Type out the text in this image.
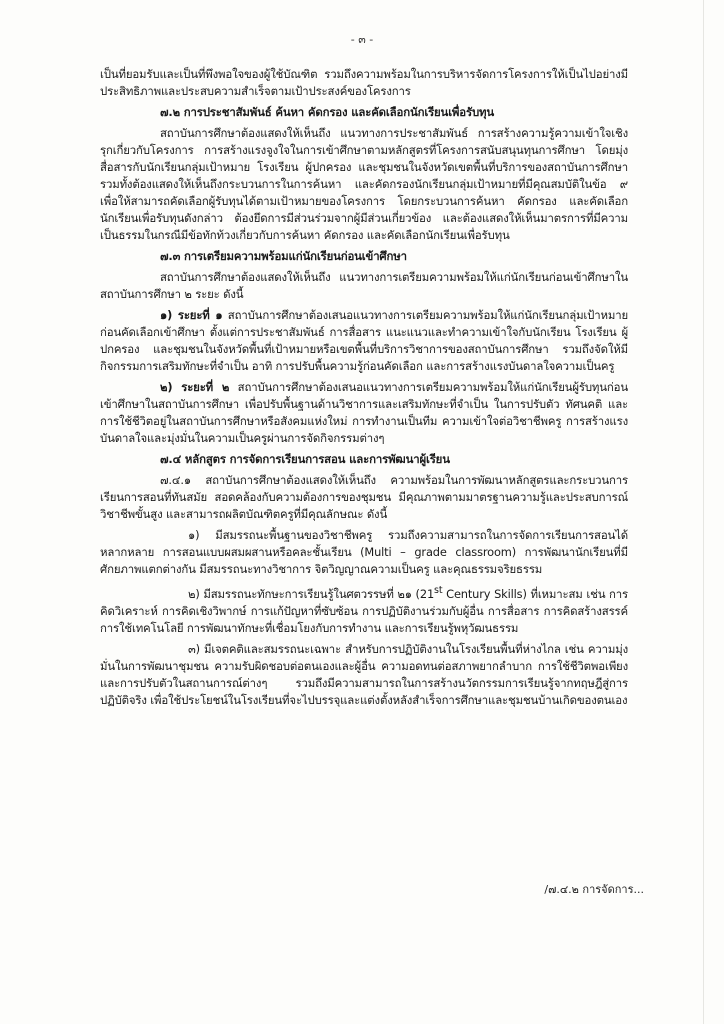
- ๓ -

เป็นที่ยอมรับและเป็นที่พึงพอใจของผู้ใช้บัณฑิต รวมถึงความพร้อมในการบริหารจัดการโครงการให้เป็นไปอย่างมีประสิทธิภาพและประสบความสำเร็จตามเป้าประสงค์ของโครงการ

๗.๒ การประชาสัมพันธ์ ค้นหา คัดกรอง และคัดเลือกนักเรียนเพื่อรับทุน

สถาบันการศึกษาต้องแสดงให้เห็นถึง แนวทางการประชาสัมพันธ์ การสร้างความรู้ความเข้าใจเชิงรุกเกี่ยวกับโครงการ การสร้างแรงจูงใจในการเข้าศึกษาตามหลักสูตรที่โครงการสนับสนุนทุนการศึกษา โดยมุ่งสื่อสารกับนักเรียนกลุ่มเป้าหมาย โรงเรียน ผู้ปกครอง และชุมชนในจังหวัดเขตพื้นที่บริการของสถาบันการศึกษา รวมทั้งต้องแสดงให้เห็นถึงกระบวนการในการค้นหา และคัดกรองนักเรียนกลุ่มเป้าหมายที่มีคุณสมบัติในข้อ ๙ เพื่อให้สามารถคัดเลือกผู้รับทุนได้ตามเป้าหมายของโครงการ โดยกระบวนการค้นหา คัดกรอง และคัดเลือกนักเรียนเพื่อรับทุนดังกล่าว ต้องยึดการมีส่วนร่วมจากผู้มีส่วนเกี่ยวข้อง และต้องแสดงให้เห็นมาตรการที่มีความเป็นธรรมในกรณีมีข้อทักท้วงเกี่ยวกับการค้นหา คัดกรอง และคัดเลือกนักเรียนเพื่อรับทุน

๗.๓ การเตรียมความพร้อมแก่นักเรียนก่อนเข้าศึกษา

สถาบันการศึกษาต้องแสดงให้เห็นถึง แนวทางการเตรียมความพร้อมให้แก่นักเรียนก่อนเข้าศึกษาในสถาบันการศึกษา ๒ ระยะ ดังนี้

๑) ระยะที่ ๑ สถาบันการศึกษาต้องเสนอแนวทางการเตรียมความพร้อมให้แก่นักเรียนกลุ่มเป้าหมายก่อนคัดเลือกเข้าศึกษา ตั้งแต่การประชาสัมพันธ์ การสื่อสาร แนะแนวและทำความเข้าใจกับนักเรียน โรงเรียน ผู้ปกครอง และชุมชนในจังหวัดพื้นที่เป้าหมายหรือเขตพื้นที่บริการวิชาการของสถาบันการศึกษา รวมถึงจัดให้มีกิจกรรมการเสริมทักษะที่จำเป็น อาทิ การปรับพื้นความรู้ก่อนคัดเลือก และการสร้างแรงบันดาลใจความเป็นครู

๒) ระยะที่ ๒ สถาบันการศึกษาต้องเสนอแนวทางการเตรียมความพร้อมให้แก่นักเรียนผู้รับทุนก่อนเข้าศึกษาในสถาบันการศึกษา เพื่อปรับพื้นฐานด้านวิชาการและเสริมทักษะที่จำเป็น ในการปรับตัว ทัศนคติ และการใช้ชีวิตอยู่ในสถาบันการศึกษาหรือสังคมแห่งใหม่ การทำงานเป็นทีม ความเข้าใจต่อวิชาชีพครู การสร้างแรงบันดาลใจและมุ่งมั่นในความเป็นครูผ่านการจัดกิจกรรมต่างๆ

๗.๔ หลักสูตร การจัดการเรียนการสอน และการพัฒนาผู้เรียน

๗.๔.๑ สถาบันการศึกษาต้องแสดงให้เห็นถึง ความพร้อมในการพัฒนาหลักสูตรและกระบวนการเรียนการสอนที่ทันสมัย สอดคล้องกับความต้องการของชุมชน มีคุณภาพตามมาตรฐานความรู้และประสบการณ์วิชาชีพขั้นสูง และสามารถผลิตบัณฑิตครูที่มีคุณลักษณะ ดังนี้

๑) มีสมรรถนะพื้นฐานของวิชาชีพครู รวมถึงความสามารถในการจัดการเรียนการสอนได้หลากหลาย การสอนแบบผสมผสานหรือคละชั้นเรียน (Multi – grade classroom) การพัฒนานักเรียนที่มีศักยภาพแตกต่างกัน มีสมรรถนะทางวิชาการ จิตวิญญาณความเป็นครู และคุณธรรมจริยธรรม

๒) มีสมรรถนะทักษะการเรียนรู้ในศตวรรษที่ ๒๑ (21st Century Skills) ที่เหมาะสม เช่น การคิดวิเคราะห์ การคิดเชิงวิพากษ์ การแก้ปัญหาที่ซับซ้อน การปฏิบัติงานร่วมกับผู้อื่น การสื่อสาร การคิดสร้างสรรค์ การใช้เทคโนโลยี การพัฒนาทักษะที่เชื่อมโยงกับการทำงาน และการเรียนรู้พหุวัฒนธรรม

๓) มีเจตคติและสมรรถนะเฉพาะ สำหรับการปฏิบัติงานในโรงเรียนพื้นที่ห่างไกล เช่น ความมุ่งมั่นในการพัฒนาชุมชน ความรับผิดชอบต่อตนเองและผู้อื่น ความอดทนต่อสภาพยากลำบาก การใช้ชีวิตพอเพียง และการปรับตัวในสถานการณ์ต่างๆ รวมถึงมีความสามารถในการสร้างนวัตกรรมการเรียนรู้จากทฤษฎีสู่การปฏิบัติจริง เพื่อใช้ประโยชน์ในโรงเรียนที่จะไปบรรจุและแต่งตั้งหลังสำเร็จการศึกษาและชุมชนบ้านเกิดของตนเอง

/๗.๔.๒ การจัดการ...
